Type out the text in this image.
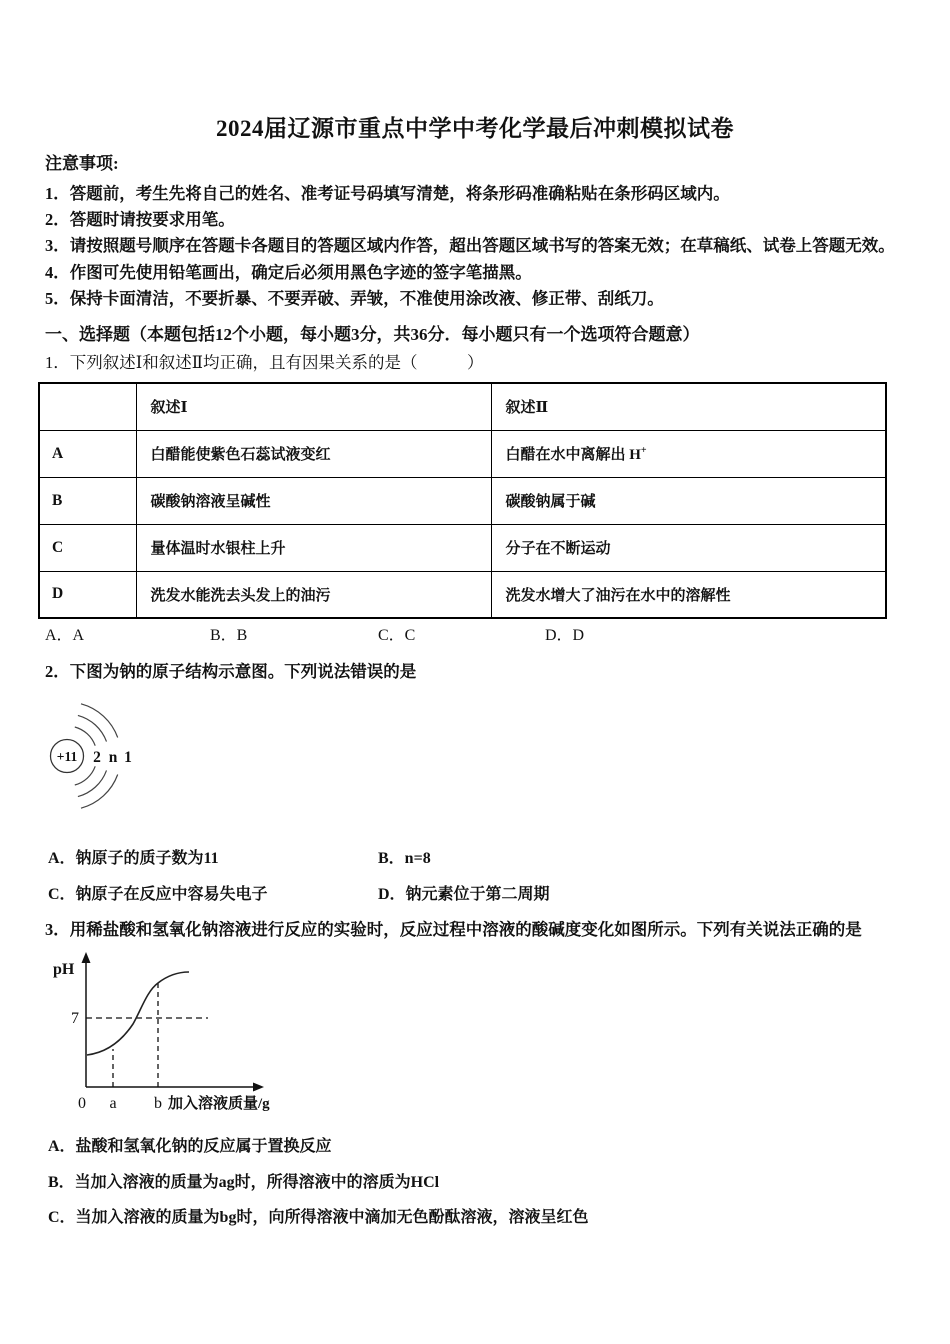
2024届辽源市重点中学中考化学最后冲刺模拟试卷
注意事项:
1．答题前，考生先将自己的姓名、准考证号码填写清楚，将条形码准确粘贴在条形码区域内。
2．答题时请按要求用笔。
3．请按照题号顺序在答题卡各题目的答题区域内作答，超出答题区域书写的答案无效；在草稿纸、试卷上答题无效。
4．作图可先使用铅笔画出，确定后必须用黑色字迹的签字笔描黑。
5．保持卡面清洁，不要折暴、不要弄破、弄皱，不准使用涂改液、修正带、刮纸刀。
一、选择题（本题包括12个小题，每小题3分，共36分．每小题只有一个选项符合题意）
1．下列叙述Ⅰ和叙述Ⅱ均正确，且有因果关系的是（　　　）
	叙述Ⅰ	叙述Ⅱ
A	白醋能使紫色石蕊试液变红	白醋在水中离解出 H+
B	碳酸钠溶液呈碱性	碳酸钠属于碱
C	量体温时水银柱上升	分子在不断运动
D	洗发水能洗去头发上的油污	洗发水增大了油污在水中的溶解性
A．A	B．B	C．C	D．D
2．下图为钠的原子结构示意图。下列说法错误的是
+11 2 n 1
A．钠原子的质子数为11	B．n=8
C．钠原子在反应中容易失电子	D．钠元素位于第二周期
3．用稀盐酸和氢氧化钠溶液进行反应的实验时，反应过程中溶液的酸碱度变化如图所示。下列有关说法正确的是
pH
7
0 a b 加入溶液质量/g
A．盐酸和氢氧化钠的反应属于置换反应
B．当加入溶液的质量为ag时，所得溶液中的溶质为HCl
C．当加入溶液的质量为bg时，向所得溶液中滴加无色酚酞溶液，溶液呈红色
